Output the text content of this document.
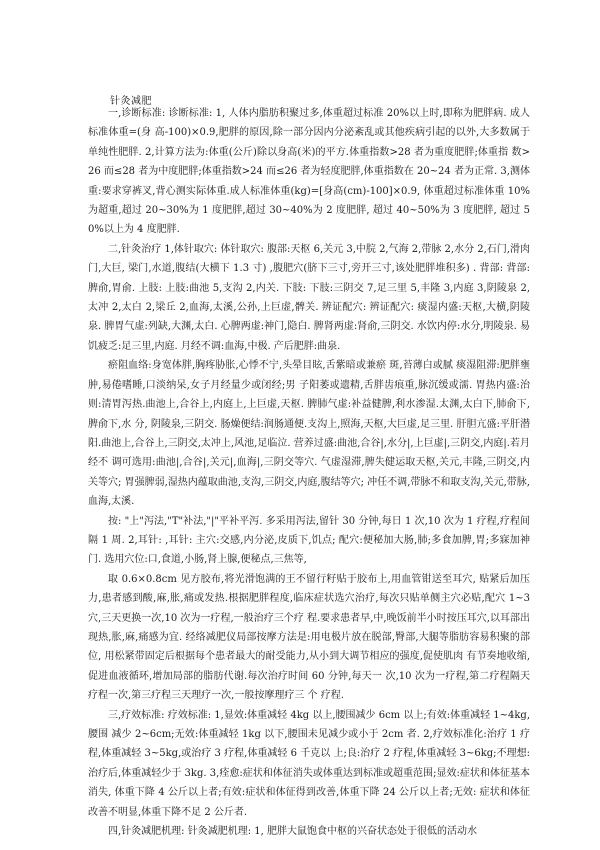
针灸减肥

一,诊断标准: 诊断标准: 1, 人体内脂肪积聚过多,体重超过标准 20%以上时,即称为肥胖病. 成人标准体重=(身 高-100)×0.9,肥胖的原因,除一部分因内分泌紊乱或其他疾病引起的以外,大多数属于 单纯性肥胖. 2,计算方法为:体重(公斤)除以身高(米)的平方.体重指数>28 者为重度肥胖;体重指 数>26 而≤28 者为中度肥胖;体重指数>24 而≤26 者为轻度肥胖,体重指数在 20~24 者为正常. 3,测体重:要求穿裤叉,背心测实际体重.成人标准体重(kg)=[身高(cm)-100]×0.9, 体重超过标准体重 10%为超重,超过 20~30%为 1 度肥胖,超过 30~40%为 2 度肥胖, 超过 40~50%为 3 度肥胖, 超过 50%以上为 4 度肥胖.

二,针灸治疗 1,体针取穴: 体针取穴: 腹部:天枢 6,关元 3,中脘 2,气海 2,带脉 2,水分 2,石门,滑肉门,大巨, 梁门,水道,腹结(大横下 1.3 寸) ,腹肥穴(脐下三寸,旁开三寸,该处肥胖堆积多) . 背部: 背部:脾俞,胃俞. 上肢: 上肢:曲池 5,支沟 2,内关. 下肢: 下肢:三阴交 7,足三里 5,丰隆 3,内庭 3,阴陵泉 2,太冲 2,太白 2,梁丘 2,血海,太溪,公孙,上巨虚,髀关. 辨证配穴: 辨证配穴: 痰湿内盛:天枢,大横,阴陵泉. 脾胃气虚:列缺,大渊,太白. 心脾两虚:神门,隐白. 脾肾两虚:肾俞,三阴交. 水饮内停:水分,明陵泉. 易饥疲乏:足三里,内庭. 月经不调:血海,中极. 产后肥胖:曲泉.

瘀阻血络:身宽体胖,胸疼胁胀,心悸不宁,头晕目眩,舌紫暗或兼瘀 斑,苔薄白或腻 痰湿阻滞:肥胖壅肿,易倦嗜睡,口淡纳呆,女子月经量少或闭经;男 子阳萎或遗精,舌胖齿痕重,脉沉缓或濡. 胃热内盛:治则:清胃泻热.曲池上,合谷上,内庭上,上巨虚,天枢. 脾肺气虚:补益健脾,利水渗湿.太渊,太白下,肺俞下,脾俞下,水 分, 阴陵泉,三阴交. 肠燥便结:润肠通便.支沟上,照海,天枢,大巨虚,足三里. 肝胆亢盛:平肝潜阳.曲池上,合谷上,三阴交,太冲上,风池,足临泣. 营养过盛:曲池,合谷|,水分|,上巨虚|,三阴交,内庭|.若月经不 调可选用:曲池|,合谷|,关元|,血海|,三阴交等穴. 气虚湿滞,脾失健运取天枢,关元,丰隆,三阴交,内关等穴; 胃强脾弱,湿热内蕴取曲池,支沟,三阴交,内庭,腹结等穴; 冲任不调,带脉不和取支沟,关元,带脉,血海,太溪.

按: "上"泻法,"T"补法,"|"平补平泻. 多采用泻法,留针 30 分钟,每日 1 次,10 次为 1 疗程,疗程间隔 1 周. 2,耳针: ,耳针: 主穴:交感,内分泌,皮质下,饥点; 配穴:便秘加大肠,肺;多食加脾,胃;多寐加神门. 选用穴位:口,食道,小肠,肾上腺,便秘点,三焦等,

取 0.6×0.8cm 见方胶布,将光滑饱满的王不留行籽贴于胶布上,用血管钳送至耳穴, 贴紧后加压力,患者感到酸,麻,胀,痛或发热.根据肥胖程度,临床症状选穴治疗,每次只贴单侧主穴必贴,配穴 1~3 穴,三天更换一次,10 次为一疗程,一般治疗三个疗 程.要求患者早,中,晚饭前半小时按压耳穴,以耳部出现热,胀,麻,痛感为宜. 经络减肥仪局部按摩方法是:用电极片放在脱部,臀部,大腿等脂肪容易积聚的部位, 用松紧带固定后根据每个患者最大的耐受能力,从小到大调节相应的强度,促使肌肉 有节奏地收缩,促进血液循环,增加局部的脂肪代谢.每次治疗时间 60 分钟,每天一 次,10 次为一疗程,第二疗程隔天疗程一次,第三疗程三天理疗一次,一般按摩理疗三 个 疗程.

三,疗效标准: 疗效标准: 1,显效:体重减轻 4kg 以上,腰围减少 6cm 以上;有效:体重减轻 1~4kg,腰围 减少 2~6cm;无效:体重减轻 1kg 以下,腰围未见减少或小于 2cm 者. 2,疗效标准化:治疗 1 疗程,体重减轻 3~5kg,或治疗 3 疗程,体重减轻 6 千克以 上;良:治疗 2 疗程,体重减轻 3~6kg;不理想:治疗后,体重减轻少于 3kg. 3,痊愈:症状和体征消失或体重达到标准或超重范围;显效:症状和体征基本消失, 体重下降 4 公斤以上者;有效:症状和体征得到改善,体重下降 24 公斤以上者;无效: 症状和体征改善不明显,体重下降不足 2 公斤者.

四,针灸减肥机理: 针灸减肥机理: 1, 肥胖大鼠饱食中枢的兴奋状态处于很低的活动水
